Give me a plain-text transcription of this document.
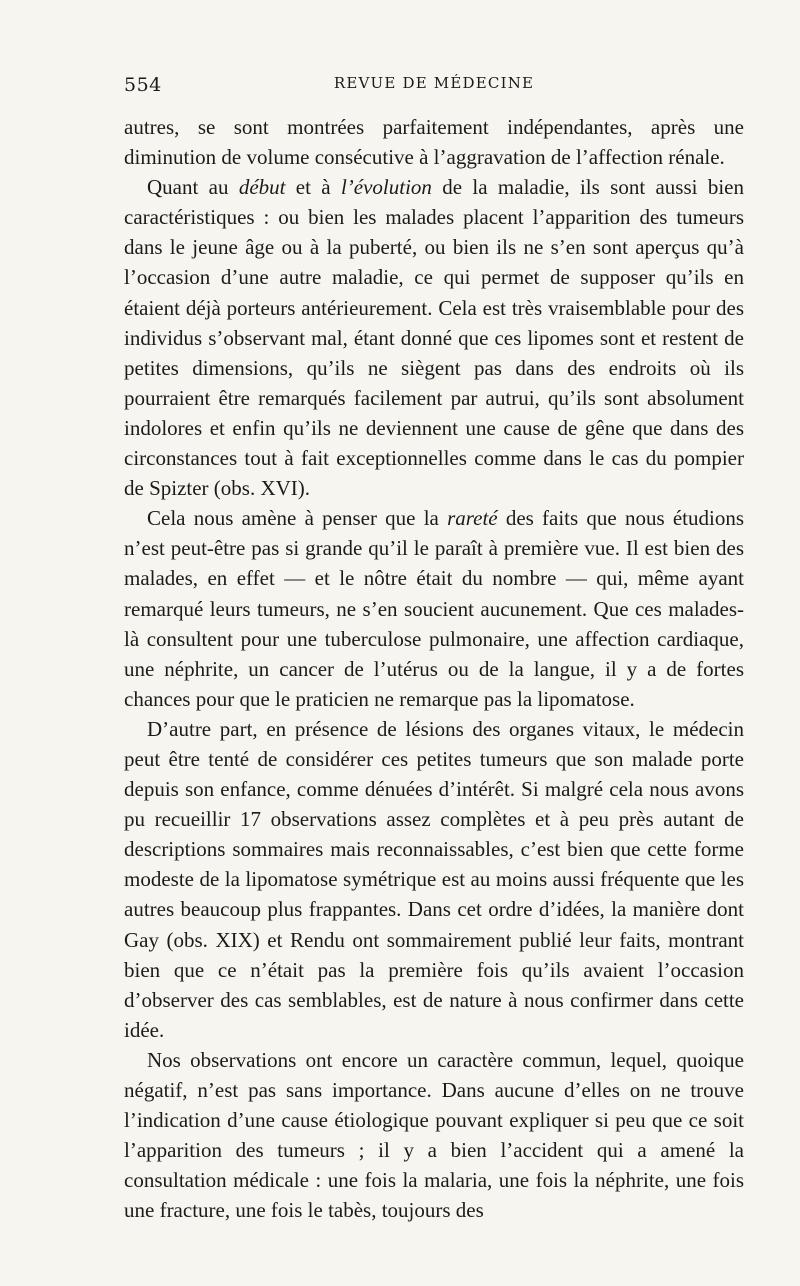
554	REVUE DE MÉDECINE

autres, se sont montrées parfaitement indépendantes, après une diminution de volume consécutive à l’aggravation de l’affection rénale.

Quant au début et à l’évolution de la maladie, ils sont aussi bien caractéristiques : ou bien les malades placent l’apparition des tumeurs dans le jeune âge ou à la puberté, ou bien ils ne s’en sont aperçus qu’à l’occasion d’une autre maladie, ce qui permet de supposer qu’ils en étaient déjà porteurs antérieurement. Cela est très vraisemblable pour des individus s’observant mal, étant donné que ces lipomes sont et restent de petites dimensions, qu’ils ne siègent pas dans des endroits où ils pourraient être remarqués facilement par autrui, qu’ils sont absolument indolores et enfin qu’ils ne deviennent une cause de gêne que dans des circonstances tout à fait exceptionnelles comme dans le cas du pompier de Spizter (obs. XVI).

Cela nous amène à penser que la rareté des faits que nous étudions n’est peut-être pas si grande qu’il le paraît à première vue. Il est bien des malades, en effet — et le nôtre était du nombre — qui, même ayant remarqué leurs tumeurs, ne s’en soucient aucunement. Que ces malades-là consultent pour une tuberculose pulmonaire, une affection cardiaque, une néphrite, un cancer de l’utérus ou de la langue, il y a de fortes chances pour que le praticien ne remarque pas la lipomatose.

D’autre part, en présence de lésions des organes vitaux, le médecin peut être tenté de considérer ces petites tumeurs que son malade porte depuis son enfance, comme dénuées d’intérêt. Si malgré cela nous avons pu recueillir 17 observations assez complètes et à peu près autant de descriptions sommaires mais reconnaissables, c’est bien que cette forme modeste de la lipomatose symétrique est au moins aussi fréquente que les autres beaucoup plus frappantes. Dans cet ordre d’idées, la manière dont Gay (obs. XIX) et Rendu ont sommairement publié leur faits, montrant bien que ce n’était pas la première fois qu’ils avaient l’occasion d’observer des cas semblables, est de nature à nous confirmer dans cette idée.

Nos observations ont encore un caractère commun, lequel, quoique négatif, n’est pas sans importance. Dans aucune d’elles on ne trouve l’indication d’une cause étiologique pouvant expliquer si peu que ce soit l’apparition des tumeurs ; il y a bien l’accident qui a amené la consultation médicale : une fois la malaria, une fois la néphrite, une fois une fracture, une fois le tabès, toujours des
